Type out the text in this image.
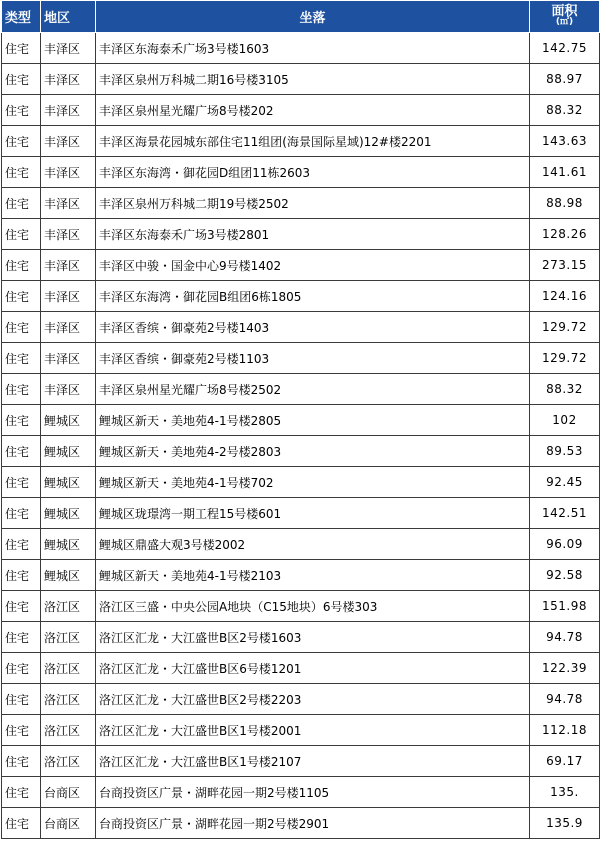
类型	地区	坐落	面积
(㎡)

住宅	丰泽区	丰泽区东海泰禾广场3号楼1603	142.75
住宅	丰泽区	丰泽区泉州万科城二期16号楼3105	88.97
住宅	丰泽区	丰泽区泉州星光耀广场8号楼202	88.32
住宅	丰泽区	丰泽区海景花园城东部住宅11组团(海景国际星域)12#楼2201	143.63
住宅	丰泽区	丰泽区东海湾・御花园D组团11栋2603	141.61
住宅	丰泽区	丰泽区泉州万科城二期19号楼2502	88.98
住宅	丰泽区	丰泽区东海泰禾广场3号楼2801	128.26
住宅	丰泽区	丰泽区中骏・国金中心9号楼1402	273.15
住宅	丰泽区	丰泽区东海湾・御花园B组团6栋1805	124.16
住宅	丰泽区	丰泽区香缤・御豪苑2号楼1403	129.72
住宅	丰泽区	丰泽区香缤・御豪苑2号楼1103	129.72
住宅	丰泽区	丰泽区泉州星光耀广场8号楼2502	88.32
住宅	鲤城区	鲤城区新天・美地苑4-1号楼2805	102
住宅	鲤城区	鲤城区新天・美地苑4-2号楼2803	89.53
住宅	鲤城区	鲤城区新天・美地苑4-1号楼702	92.45
住宅	鲤城区	鲤城区珑璟湾一期工程15号楼601	142.51
住宅	鲤城区	鲤城区鼎盛大观3号楼2002	96.09
住宅	鲤城区	鲤城区新天・美地苑4-1号楼2103	92.58
住宅	洛江区	洛江区三盛・中央公园A地块（C15地块）6号楼303	151.98
住宅	洛江区	洛江区汇龙・大江盛世B区2号楼1603	94.78
住宅	洛江区	洛江区汇龙・大江盛世B区6号楼1201	122.39
住宅	洛江区	洛江区汇龙・大江盛世B区2号楼2203	94.78
住宅	洛江区	洛江区汇龙・大江盛世B区1号楼2001	112.18
住宅	洛江区	洛江区汇龙・大江盛世B区1号楼2107	69.17
住宅	台商区	台商投资区广景・湖畔花园一期2号楼1105	135.
住宅	台商区	台商投资区广景・湖畔花园一期2号楼2901	135.9
